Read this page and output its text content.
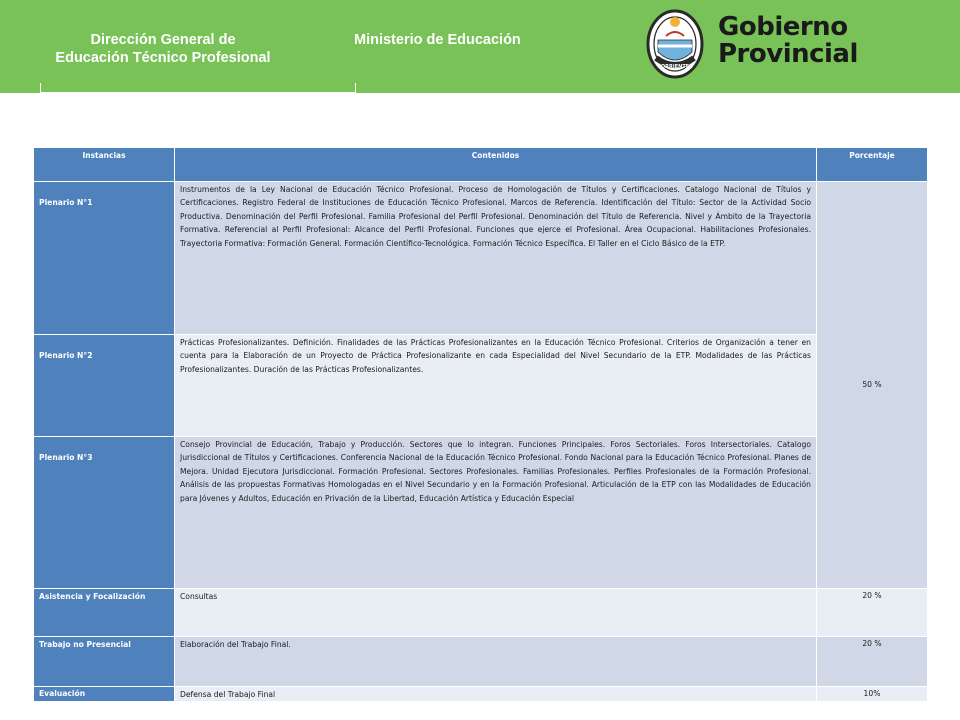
Dirección General de
Educación Técnico Profesional
Ministerio de Educación
CORRIENTES
Gobierno
Provincial
Instancias	Contenidos	Porcentaje
Plenario N°1	Instrumentos de la Ley Nacional de Educación Técnico Profesional. Proceso de Homologación de Títulos y Certificaciones. Catalogo Nacional de Títulos y Certificaciones. Registro Federal de Instituciones de Educación Técnico Profesional. Marcos de Referencia. Identificación del Título: Sector de la Actividad Socio Productiva. Denominación del Perfil Profesional. Familia Profesional del Perfil Profesional. Denominación del Título de Referencia. Nivel y Ámbito de la Trayectoria Formativa. Referencial al Perfil Profesional: Alcance del Perfil Profesional. Funciones que ejerce el Profesional. Área Ocupacional. Habilitaciones Profesionales. Trayectoria Formativa: Formación General. Formación Científico-Tecnológica. Formación Técnico Específica. El Taller en el Ciclo Básico de la ETP.	50 %
Plenario N°2	Prácticas Profesionalizantes. Definición. Finalidades de las Prácticas Profesionalizantes en la Educación Técnico Profesional. Criterios de Organización a tener en cuenta para la Elaboración de un Proyecto de Práctica Profesionalizante en cada Especialidad del Nivel Secundario de la ETP. Modalidades de las Prácticas Profesionalizantes. Duración de las Prácticas Profesionalizantes.	
Plenario N°3	Consejo Provincial de Educación, Trabajo y Producción. Sectores que lo integran. Funciones Principales. Foros Sectoriales. Foros Intersectoriales. Catalogo Jurisdiccional de Títulos y Certificaciones. Conferencia Nacional de la Educación Técnico Profesional. Fondo Nacional para la Educación Técnico Profesional. Planes de Mejora. Unidad Ejecutora Jurisdiccional. Formación Profesional. Sectores Profesionales. Familias Profesionales. Perfiles Profesionales de la Formación Profesional. Análisis de las propuestas Formativas Homologadas en el Nivel Secundario y en la Formación Profesional. Articulación de la ETP con las Modalidades de Educación para Jóvenes y Adultos, Educación en Privación de la Libertad, Educación Artística y Educación Especial	
Asistencia y Focalización	Consultas	20 %
Trabajo no Presencial	Elaboración del Trabajo Final.	20 %
Evaluación	Defensa del Trabajo Final	10%
